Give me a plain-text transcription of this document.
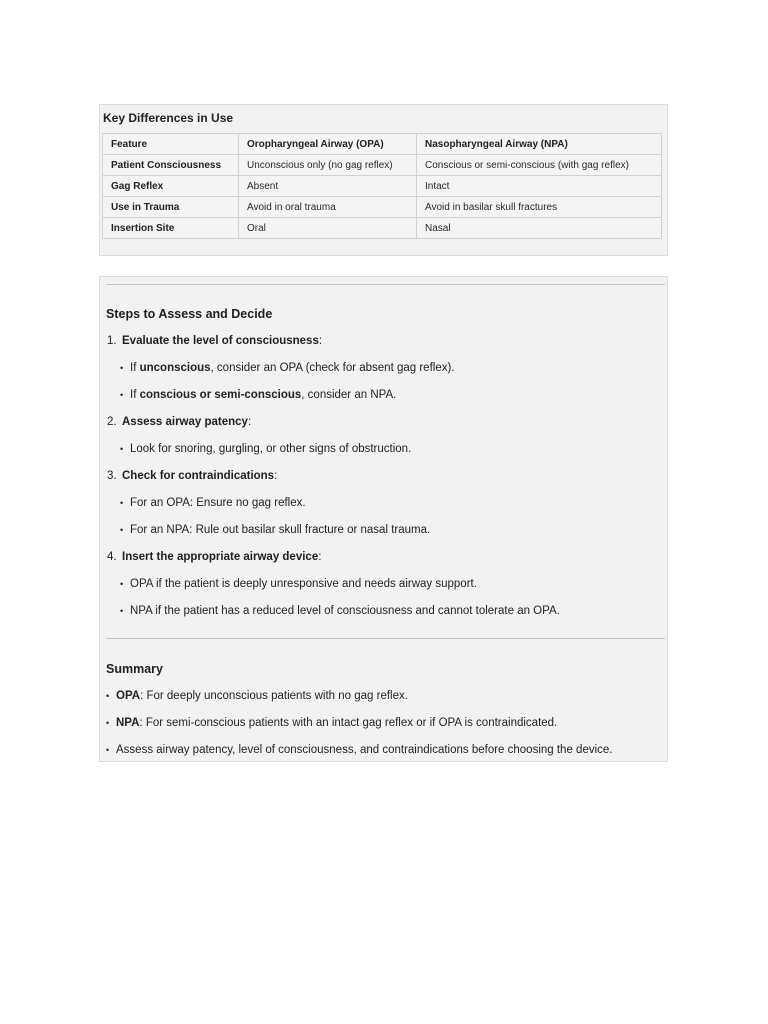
Key Differences in Use
Feature	Oropharyngeal Airway (OPA)	Nasopharyngeal Airway (NPA)
Patient Consciousness	Unconscious only (no gag reflex)	Conscious or semi-conscious (with gag reflex)
Gag Reflex	Absent	Intact
Use in Trauma	Avoid in oral trauma	Avoid in basilar skull fractures
Insertion Site	Oral	Nasal
Steps to Assess and Decide
1. Evaluate the level of consciousness:
• If unconscious, consider an OPA (check for absent gag reflex).
• If conscious or semi-conscious, consider an NPA.
2. Assess airway patency:
• Look for snoring, gurgling, or other signs of obstruction.
3. Check for contraindications:
• For an OPA: Ensure no gag reflex.
• For an NPA: Rule out basilar skull fracture or nasal trauma.
4. Insert the appropriate airway device:
• OPA if the patient is deeply unresponsive and needs airway support.
• NPA if the patient has a reduced level of consciousness and cannot tolerate an OPA.
Summary
• OPA: For deeply unconscious patients with no gag reflex.
• NPA: For semi-conscious patients with an intact gag reflex or if OPA is contraindicated.
• Assess airway patency, level of consciousness, and contraindications before choosing the device.
